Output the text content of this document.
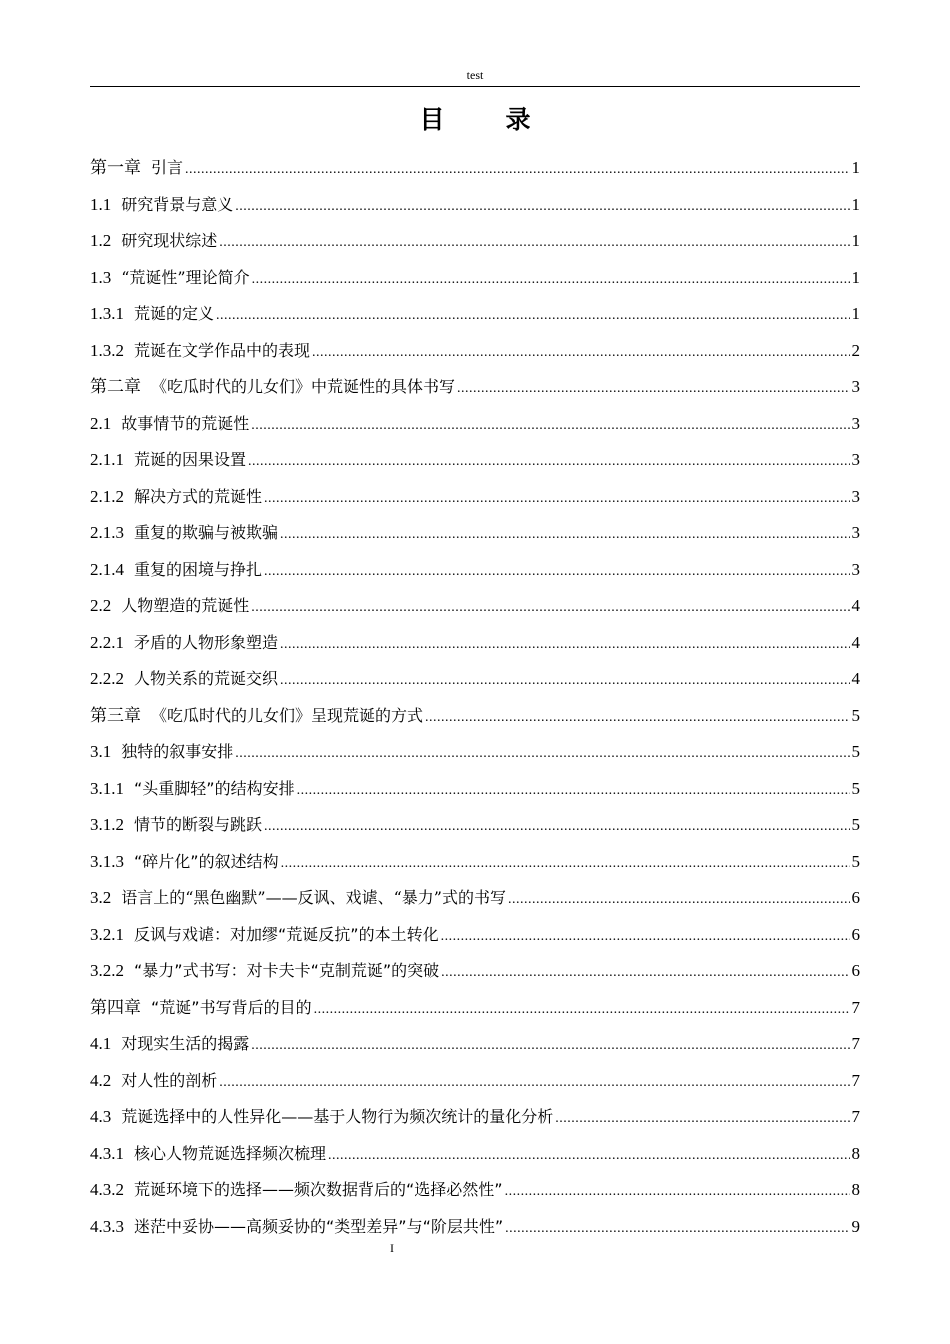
test
目　录
第一章 引言 .....	1
1.1 研究背景与意义 .....	1
1.2 研究现状综述 .....	1
1.3 “荒诞性”理论简介 .....	1
1.3.1 荒诞的定义 .....	1
1.3.2 荒诞在文学作品中的表现 .....	2
第二章 《吃瓜时代的儿女们》中荒诞性的具体书写 .....	3
2.1 故事情节的荒诞性 .....	3
2.1.1 荒诞的因果设置 .....	3
2.1.2 解决方式的荒诞性 .....	3
2.1.3 重复的欺骗与被欺骗 .....	3
2.1.4 重复的困境与挣扎 .....	3
2.2 人物塑造的荒诞性 .....	4
2.2.1 矛盾的人物形象塑造 .....	4
2.2.2 人物关系的荒诞交织 .....	4
第三章 《吃瓜时代的儿女们》呈现荒诞的方式 .....	5
3.1 独特的叙事安排 .....	5
3.1.1 “头重脚轻”的结构安排 .....	5
3.1.2 情节的断裂与跳跃 .....	5
3.1.3 “碎片化”的叙述结构 .....	5
3.2 语言上的“黑色幽默”——反讽、戏谑、“暴力”式的书写 .....	6
3.2.1 反讽与戏谑：对加缪“荒诞反抗”的本土转化 .....	6
3.2.2 “暴力”式书写：对卡夫卡“克制荒诞”的突破 .....	6
第四章 “荒诞”书写背后的目的 .....	7
4.1 对现实生活的揭露 .....	7
4.2 对人性的剖析 .....	7
4.3 荒诞选择中的人性异化——基于人物行为频次统计的量化分析 .....	7
4.3.1 核心人物荒诞选择频次梳理 .....	8
4.3.2 荒诞环境下的选择——频次数据背后的“选择必然性” .....	8
4.3.3 迷茫中妥协——高频妥协的“类型差异”与“阶层共性” .....	9
I
